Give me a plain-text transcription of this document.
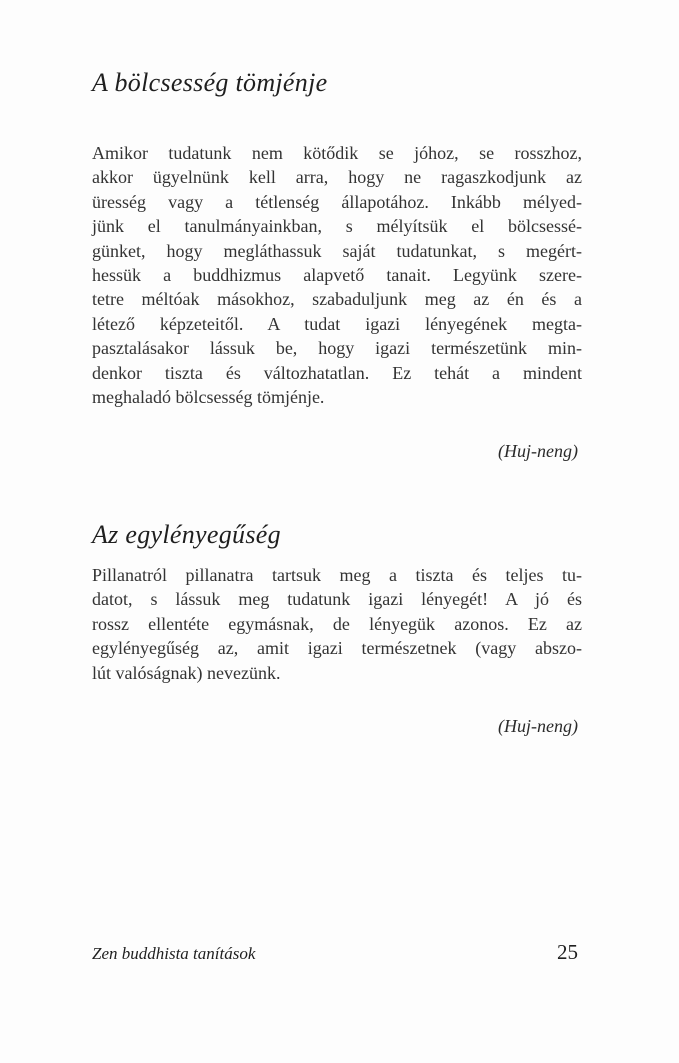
A bölcsesség tömjénje

Amikor tudatunk nem kötődik se jóhoz, se rosszhoz,
akkor ügyelnünk kell arra, hogy ne ragaszkodjunk az
üresség vagy a tétlenség állapotához. Inkább mélyed-
jünk el tanulmányainkban, s mélyítsük el bölcsessé-
günket, hogy megláthassuk saját tudatunkat, s megért-
hessük a buddhizmus alapvető tanait. Legyünk szere-
tetre méltóak másokhoz, szabaduljunk meg az én és a
létező képzeteitől. A tudat igazi lényegének megta-
pasztalásakor lássuk be, hogy igazi természetünk min-
denkor tiszta és változhatatlan. Ez tehát a mindent
meghaladó bölcsesség tömjénje.

(Huj-neng)

Az egylényegűség

Pillanatról pillanatra tartsuk meg a tiszta és teljes tu-
datot, s lássuk meg tudatunk igazi lényegét! A jó és
rossz ellentéte egymásnak, de lényegük azonos. Ez az
egylényegűség az, amit igazi természetnek (vagy abszo-
lút valóságnak) nevezünk.

(Huj-neng)

Zen buddhista tanítások	25
